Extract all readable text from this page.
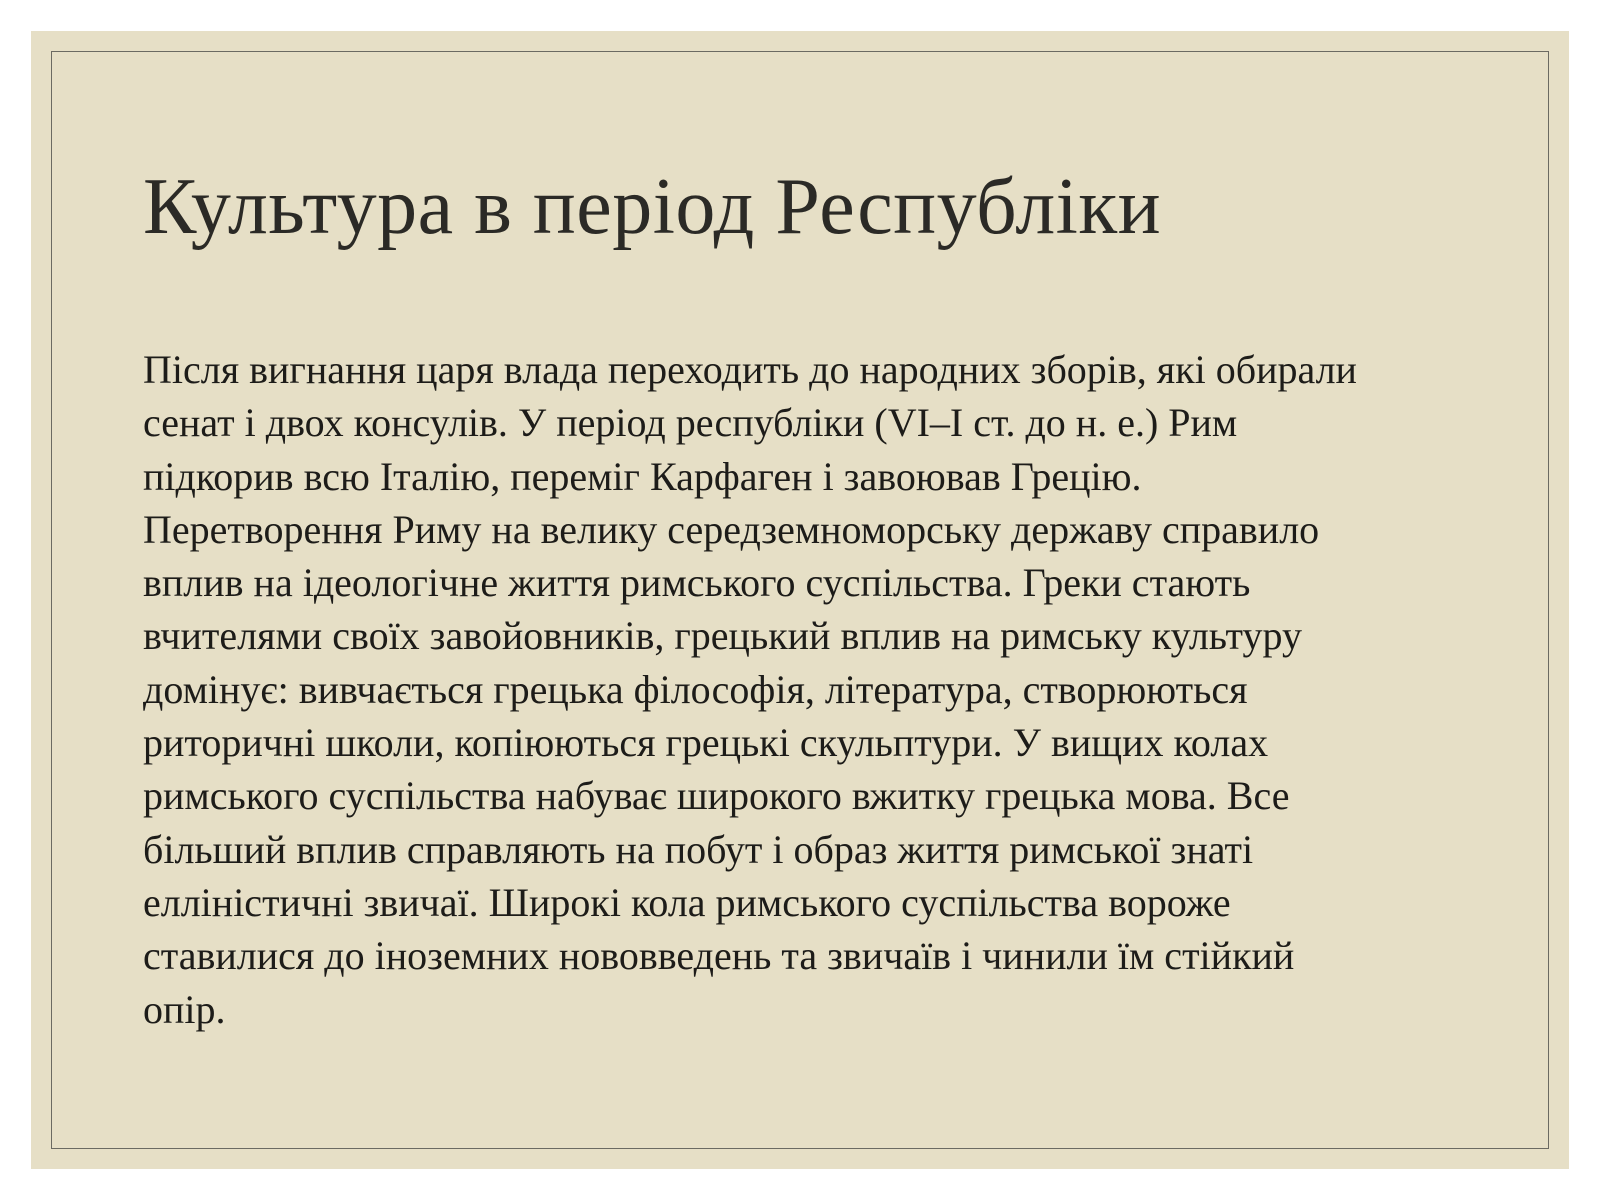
Культура в період Республіки

Після вигнання царя влада переходить до народних зборів, які обирали
сенат і двох консулів. У період республіки (VI–I ст. до н. е.) Рим
підкорив всю Італію, переміг Карфаген і завоював Грецію.
Перетворення Риму на велику середземноморську державу справило
вплив на ідеологічне життя римського суспільства. Греки стають
вчителями своїх завойовників, грецький вплив на римську культуру
домінує: вивчається грецька філософія, література, створюються
риторичні школи, копіюються грецькі скульптури. У вищих колах
римського суспільства набуває широкого вжитку грецька мова. Все
більший вплив справляють на побут і образ життя римської знаті
елліністичні звичаї. Широкі кола римського суспільства вороже
ставилися до іноземних нововведень та звичаїв і чинили їм стійкий
опір.
